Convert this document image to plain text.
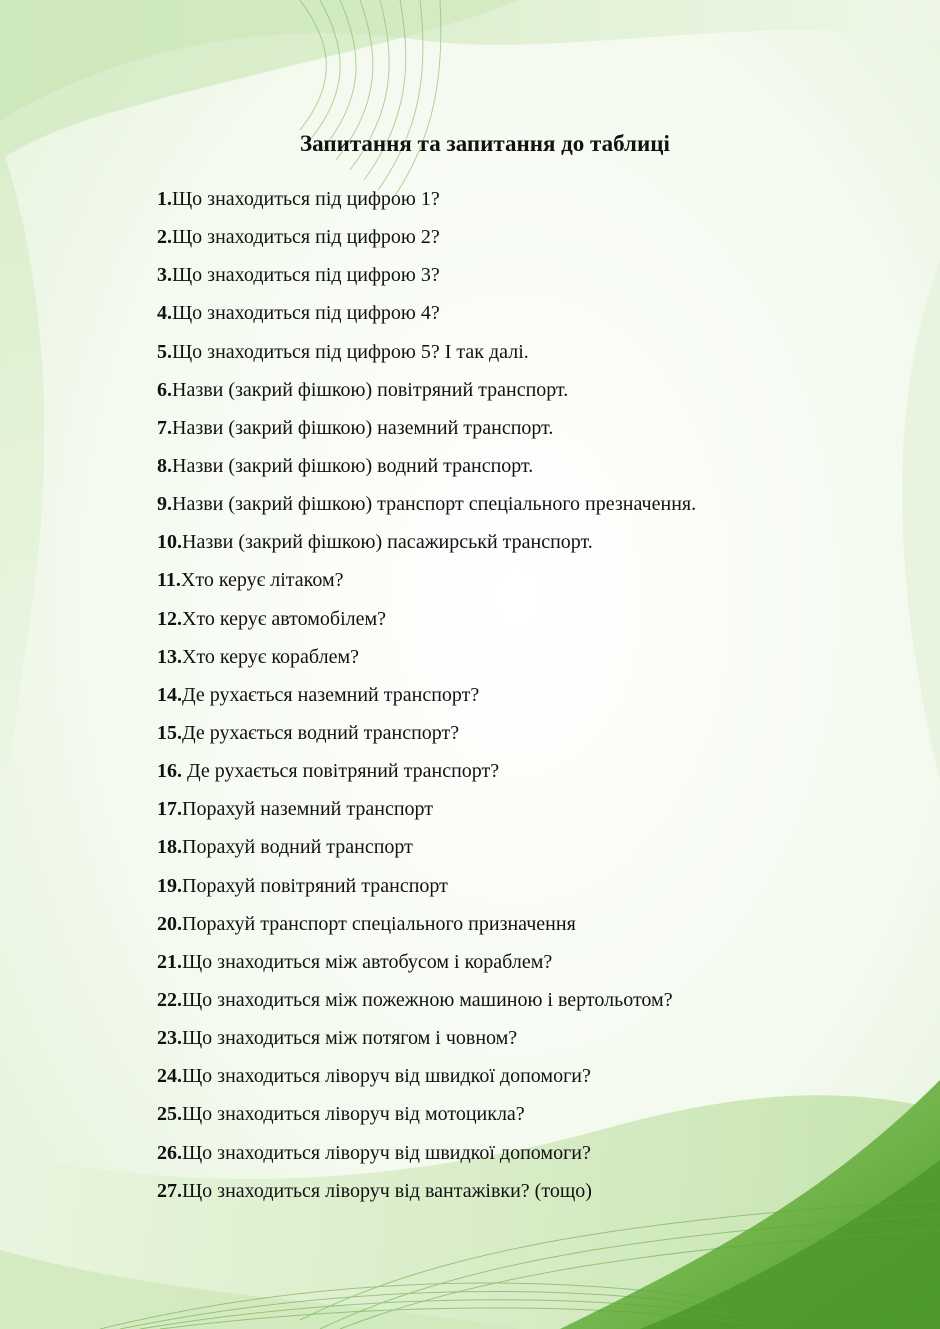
Запитання та запитання до таблиці
1.Що знаходиться під цифрою 1?
2.Що знаходиться під цифрою 2?
3.Що знаходиться під цифрою 3?
4.Що знаходиться під цифрою 4?
5.Що знаходиться під цифрою 5? І так далі.
6.Назви (закрий фішкою) повітряний транспорт.
7.Назви (закрий фішкою) наземний транспорт.
8.Назви (закрий фішкою) водний транспорт.
9.Назви (закрий фішкою) транспорт спеціального презначення.
10.Назви (закрий фішкою) пасажирськй транспорт.
11.Хто керує літаком?
12.Хто керує автомобілем?
13.Хто керує кораблем?
14.Де рухається наземний транспорт?
15.Де рухається водний транспорт?
16. Де рухається повітряний транспорт?
17.Порахуй наземний транспорт
18.Порахуй водний транспорт
19.Порахуй повітряний транспорт
20.Порахуй транспорт спеціального призначення
21.Що знаходиться між автобусом і кораблем?
22.Що знаходиться між пожежною машиною і вертольотом?
23.Що знаходиться між потягом і човном?
24.Що знаходиться ліворуч від швидкої допомоги?
25.Що знаходиться ліворуч від мотоцикла?
26.Що знаходиться ліворуч від швидкої допомоги?
27.Що знаходиться ліворуч від вантажівки? (тощо)
